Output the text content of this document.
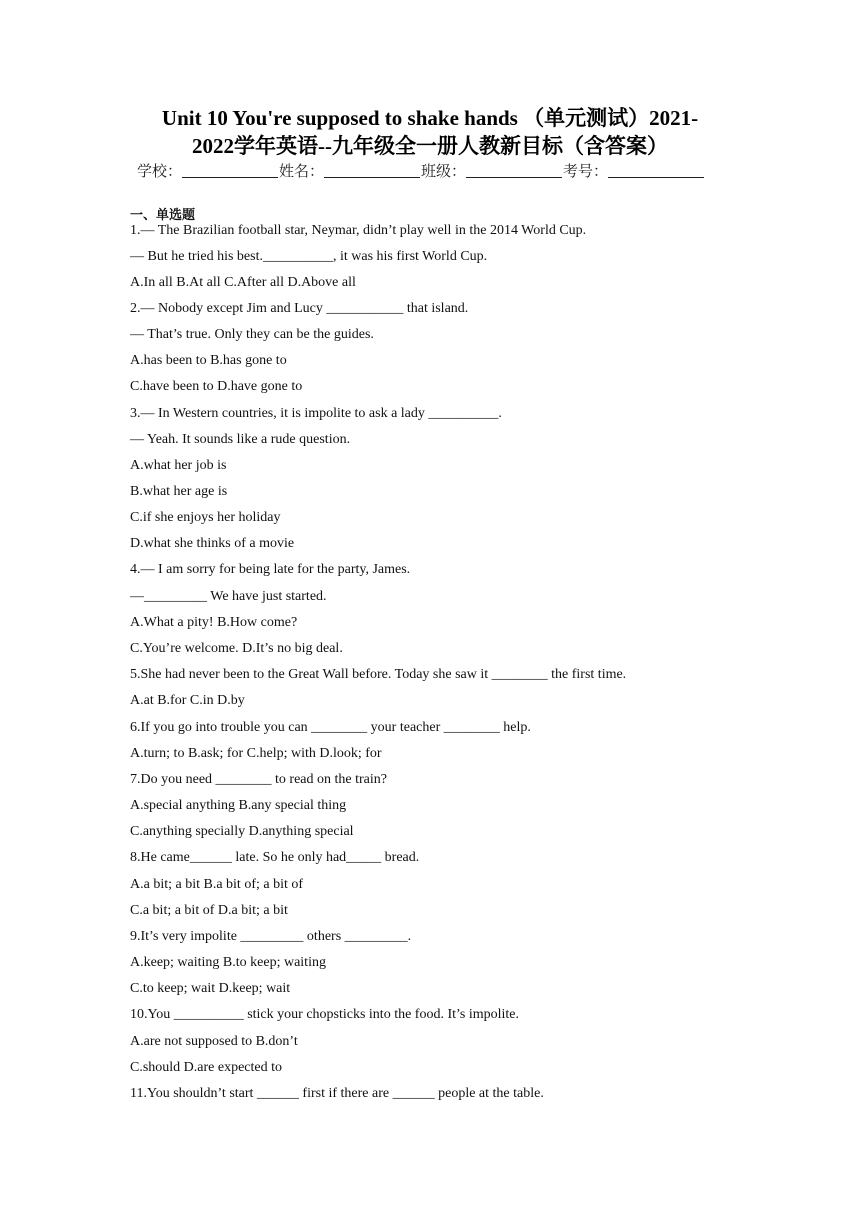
Unit 10 You're supposed to shake hands （单元测试）2021-
2022学年英语--九年级全一册人教新目标（含答案）
学校：	姓名：	班级：	考号：
一、单选题
1.— The Brazilian football star, Neymar, didn’t play well in the 2014 World Cup.
— But he tried his best.__________, it was his first World Cup.
A.In all B.At all C.After all D.Above all
2.— Nobody except Jim and Lucy ___________ that island.
— That’s true. Only they can be the guides.
A.has been to B.has gone to
C.have been to D.have gone to
3.— In Western countries, it is impolite to ask a lady __________.
— Yeah. It sounds like a rude question.
A.what her job is
B.what her age is
C.if she enjoys her holiday
D.what she thinks of a movie
4.— I am sorry for being late for the party, James.
—_________ We have just started.
A.What a pity! B.How come?
C.You’re welcome. D.It’s no big deal.
5.She had never been to the Great Wall before. Today she saw it ________ the first time.
A.at B.for C.in D.by
6.If you go into trouble you can ________ your teacher ________ help.
A.turn; to B.ask; for C.help; with D.look; for
7.Do you need ________ to read on the train?
A.special anything B.any special thing
C.anything specially D.anything special
8.He came______ late. So he only had_____ bread.
A.a bit; a bit B.a bit of; a bit of
C.a bit; a bit of D.a bit; a bit
9.It’s very impolite _________ others _________.
A.keep; waiting B.to keep; waiting
C.to keep; wait D.keep; wait
10.You __________ stick your chopsticks into the food. It’s impolite.
A.are not supposed to B.don’t
C.should D.are expected to
11.You shouldn’t start ______ first if there are ______ people at the table.
